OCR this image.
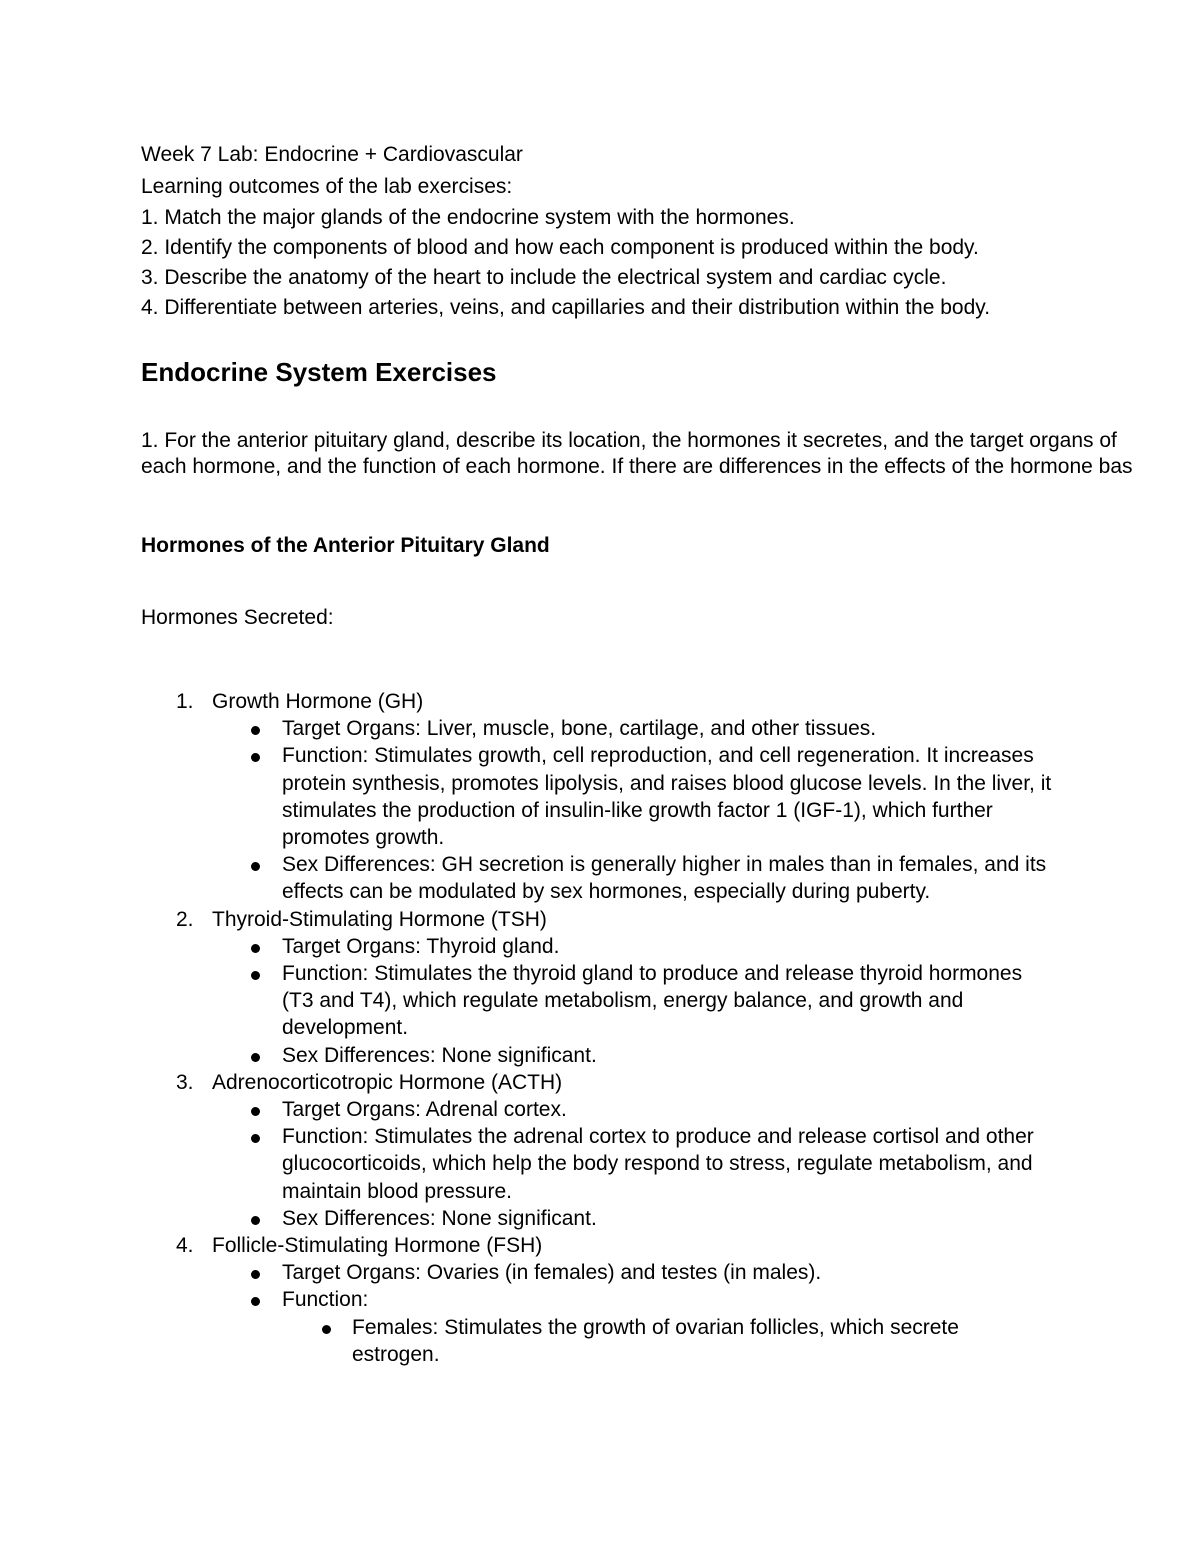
Week 7 Lab: Endocrine + Cardiovascular
Learning outcomes of the lab exercises:
1. Match the major glands of the endocrine system with the hormones.
2. Identify the components of blood and how each component is produced within the body.
3. Describe the anatomy of the heart to include the electrical system and cardiac cycle.
4. Differentiate between arteries, veins, and capillaries and their distribution within the body.
Endocrine System Exercises
1. For the anterior pituitary gland, describe its location, the hormones it secretes, and the target organs of
each hormone, and the function of each hormone. If there are differences in the effects of the hormone bas
Hormones of the Anterior Pituitary Gland
Hormones Secreted:
1. Growth Hormone (GH)
Target Organs: Liver, muscle, bone, cartilage, and other tissues.
Function: Stimulates growth, cell reproduction, and cell regeneration. It increases protein synthesis, promotes lipolysis, and raises blood glucose levels. In the liver, it stimulates the production of insulin-like growth factor 1 (IGF-1), which further promotes growth.
Sex Differences: GH secretion is generally higher in males than in females, and its effects can be modulated by sex hormones, especially during puberty.
2. Thyroid-Stimulating Hormone (TSH)
Target Organs: Thyroid gland.
Function: Stimulates the thyroid gland to produce and release thyroid hormones (T3 and T4), which regulate metabolism, energy balance, and growth and development.
Sex Differences: None significant.
3. Adrenocorticotropic Hormone (ACTH)
Target Organs: Adrenal cortex.
Function: Stimulates the adrenal cortex to produce and release cortisol and other glucocorticoids, which help the body respond to stress, regulate metabolism, and maintain blood pressure.
Sex Differences: None significant.
4. Follicle-Stimulating Hormone (FSH)
Target Organs: Ovaries (in females) and testes (in males).
Function:
Females: Stimulates the growth of ovarian follicles, which secrete estrogen.
